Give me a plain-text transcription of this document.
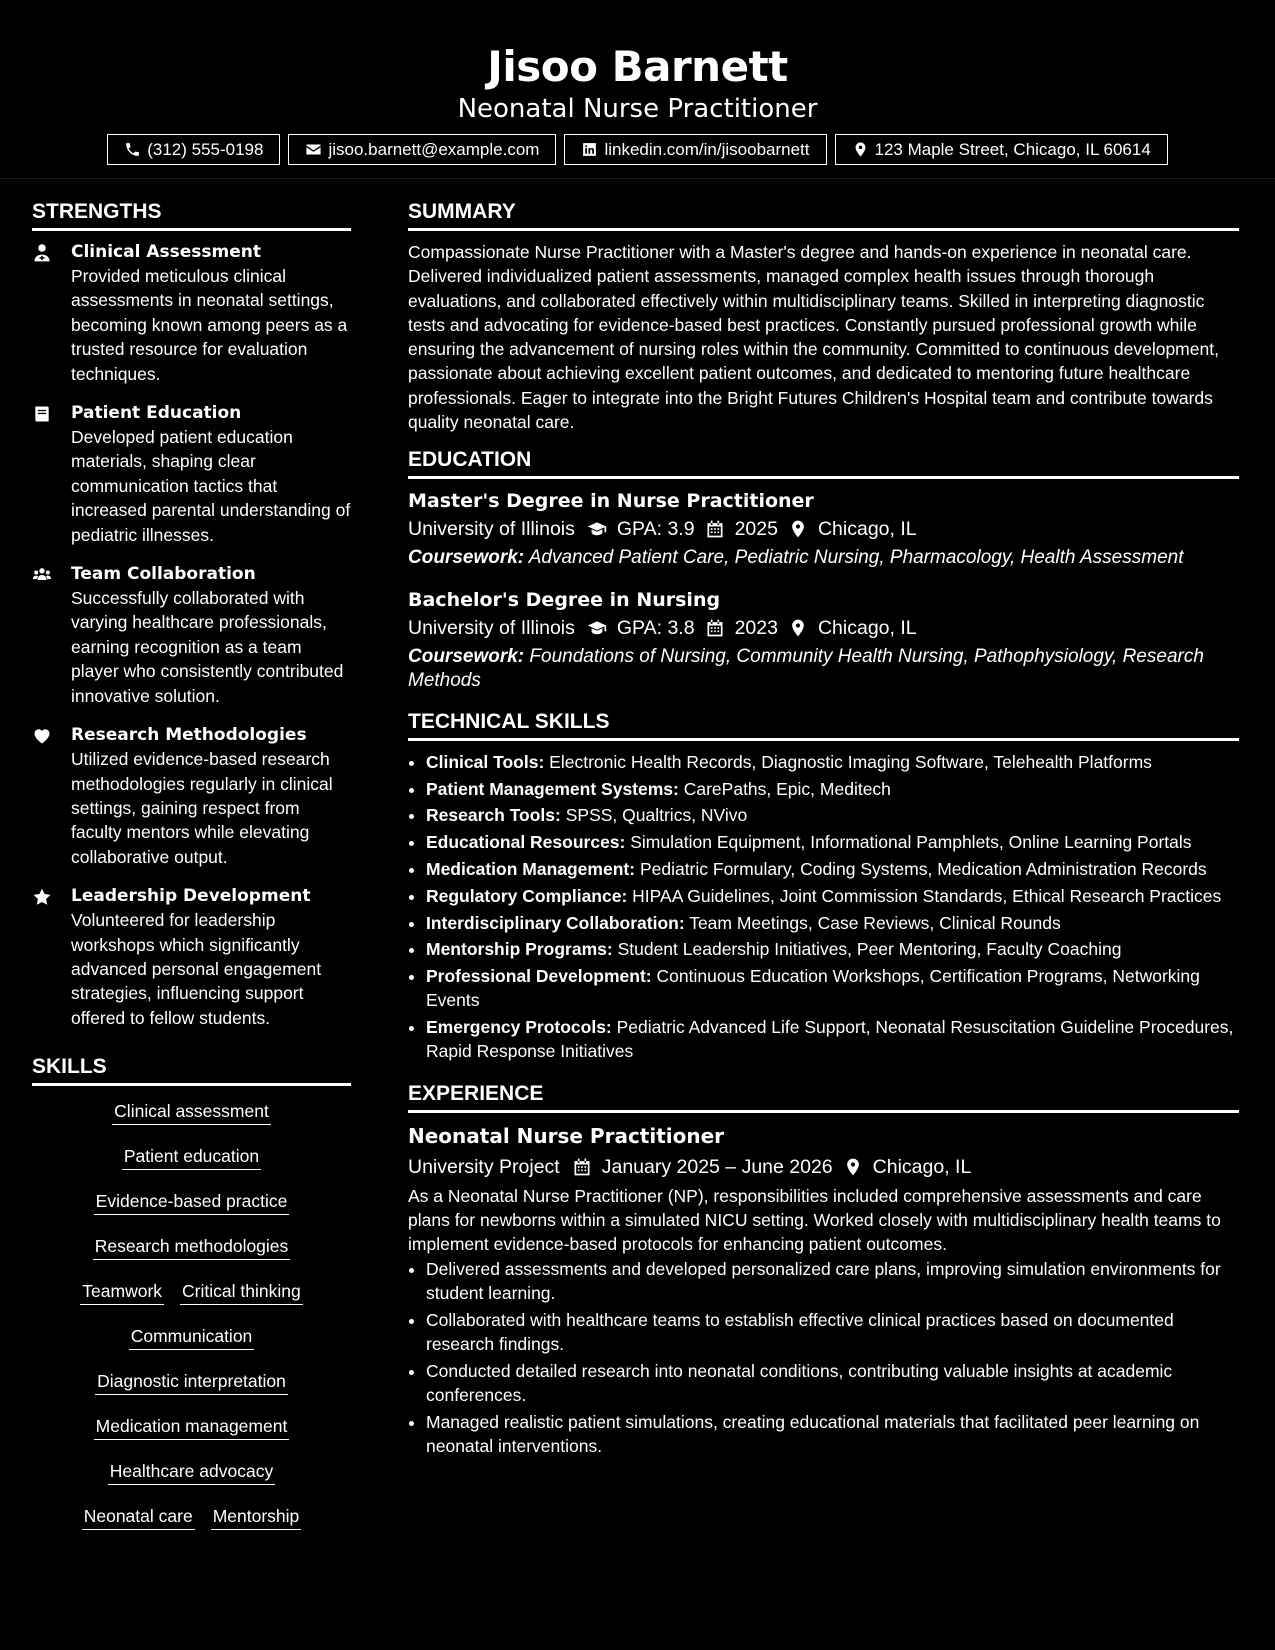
Jisoo Barnett
Neonatal Nurse Practitioner
(312) 555-0198	jisoo.barnett@example.com	linkedin.com/in/jisoobarnett	123 Maple Street, Chicago, IL 60614
STRENGTHS
Clinical Assessment
Provided meticulous clinical assessments in neonatal settings, becoming known among peers as a trusted resource for evaluation techniques.
Patient Education
Developed patient education materials, shaping clear communication tactics that increased parental understanding of pediatric illnesses.
Team Collaboration
Successfully collaborated with varying healthcare professionals, earning recognition as a team player who consistently contributed innovative solution.
Research Methodologies
Utilized evidence-based research methodologies regularly in clinical settings, gaining respect from faculty mentors while elevating collaborative output.
Leadership Development
Volunteered for leadership workshops which significantly advanced personal engagement strategies, influencing support offered to fellow students.
SKILLS
Clinical assessment
Patient education
Evidence-based practice
Research methodologies
Teamwork Critical thinking
Communication
Diagnostic interpretation
Medication management
Healthcare advocacy
Neonatal care Mentorship
SUMMARY
Compassionate Nurse Practitioner with a Master's degree and hands-on experience in neonatal care. Delivered individualized patient assessments, managed complex health issues through thorough evaluations, and collaborated effectively within multidisciplinary teams. Skilled in interpreting diagnostic tests and advocating for evidence-based best practices. Constantly pursued professional growth while ensuring the advancement of nursing roles within the community. Committed to continuous development, passionate about achieving excellent patient outcomes, and dedicated to mentoring future healthcare professionals. Eager to integrate into the Bright Futures Children's Hospital team and contribute towards quality neonatal care.
EDUCATION
Master's Degree in Nurse Practitioner
University of Illinois GPA: 3.9 2025 Chicago, IL
Coursework: Advanced Patient Care, Pediatric Nursing, Pharmacology, Health Assessment
Bachelor's Degree in Nursing
University of Illinois GPA: 3.8 2023 Chicago, IL
Coursework: Foundations of Nursing, Community Health Nursing, Pathophysiology, Research Methods
TECHNICAL SKILLS
• Clinical Tools: Electronic Health Records, Diagnostic Imaging Software, Telehealth Platforms
• Patient Management Systems: CarePaths, Epic, Meditech
• Research Tools: SPSS, Qualtrics, NVivo
• Educational Resources: Simulation Equipment, Informational Pamphlets, Online Learning Portals
• Medication Management: Pediatric Formulary, Coding Systems, Medication Administration Records
• Regulatory Compliance: HIPAA Guidelines, Joint Commission Standards, Ethical Research Practices
• Interdisciplinary Collaboration: Team Meetings, Case Reviews, Clinical Rounds
• Mentorship Programs: Student Leadership Initiatives, Peer Mentoring, Faculty Coaching
• Professional Development: Continuous Education Workshops, Certification Programs, Networking Events
• Emergency Protocols: Pediatric Advanced Life Support, Neonatal Resuscitation Guideline Procedures, Rapid Response Initiatives
EXPERIENCE
Neonatal Nurse Practitioner
University Project January 2025 – June 2026 Chicago, IL
As a Neonatal Nurse Practitioner (NP), responsibilities included comprehensive assessments and care plans for newborns within a simulated NICU setting. Worked closely with multidisciplinary health teams to implement evidence-based protocols for enhancing patient outcomes.
• Delivered assessments and developed personalized care plans, improving simulation environments for student learning.
• Collaborated with healthcare teams to establish effective clinical practices based on documented research findings.
• Conducted detailed research into neonatal conditions, contributing valuable insights at academic conferences.
• Managed realistic patient simulations, creating educational materials that facilitated peer learning on neonatal interventions.
